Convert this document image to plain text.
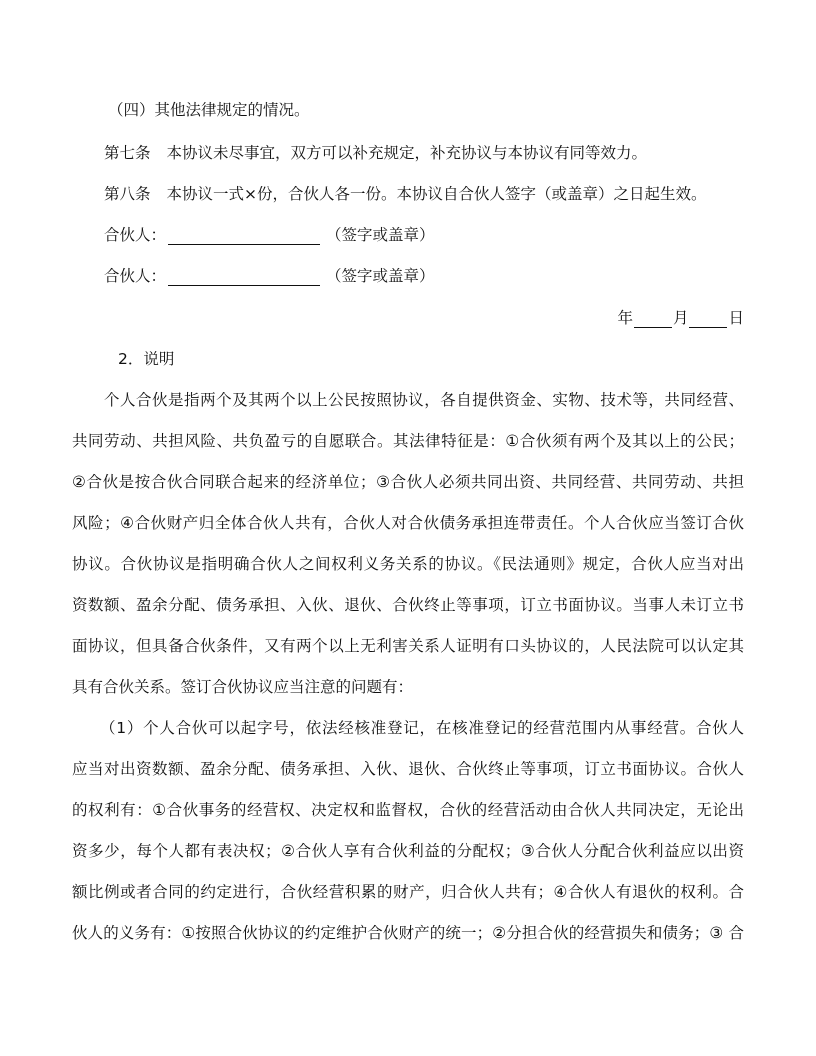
（四）其他法律规定的情况。
第七条 本协议未尽事宜，双方可以补充规定，补充协议与本协议有同等效力。
第八条 本协议一式×份，合伙人各一份。本协议自合伙人签字（或盖章）之日起生效。
合伙人：	（签字或盖章）
合伙人：	（签字或盖章）
年	月	日
2．说明
个人合伙是指两个及其两个以上公民按照协议，各自提供资金、实物、技术等，共同经营、
共同劳动、共担风险、共负盈亏的自愿联合。其法律特征是：①合伙须有两个及其以上的公民；
②合伙是按合伙合同联合起来的经济单位；③合伙人必须共同出资、共同经营、共同劳动、共担
风险；④合伙财产归全体合伙人共有，合伙人对合伙债务承担连带责任。个人合伙应当签订合伙
协议。合伙协议是指明确合伙人之间权利义务关系的协议。《民法通则》规定，合伙人应当对出
资数额、盈余分配、债务承担、入伙、退伙、合伙终止等事项，订立书面协议。当事人未订立书
面协议，但具备合伙条件，又有两个以上无利害关系人证明有口头协议的，人民法院可以认定其
具有合伙关系。签订合伙协议应当注意的问题有：
（1）个人合伙可以起字号，依法经核准登记，在核准登记的经营范围内从事经营。合伙人
应当对出资数额、盈余分配、债务承担、入伙、退伙、合伙终止等事项，订立书面协议。合伙人
的权利有：①合伙事务的经营权、决定权和监督权，合伙的经营活动由合伙人共同决定，无论出
资多少，每个人都有表决权；②合伙人享有合伙利益的分配权；③合伙人分配合伙利益应以出资
额比例或者合同的约定进行，合伙经营积累的财产，归合伙人共有；④合伙人有退伙的权利。合
伙人的义务有：①按照合伙协议的约定维护合伙财产的统一；②分担合伙的经营损失和债务；③ 合
